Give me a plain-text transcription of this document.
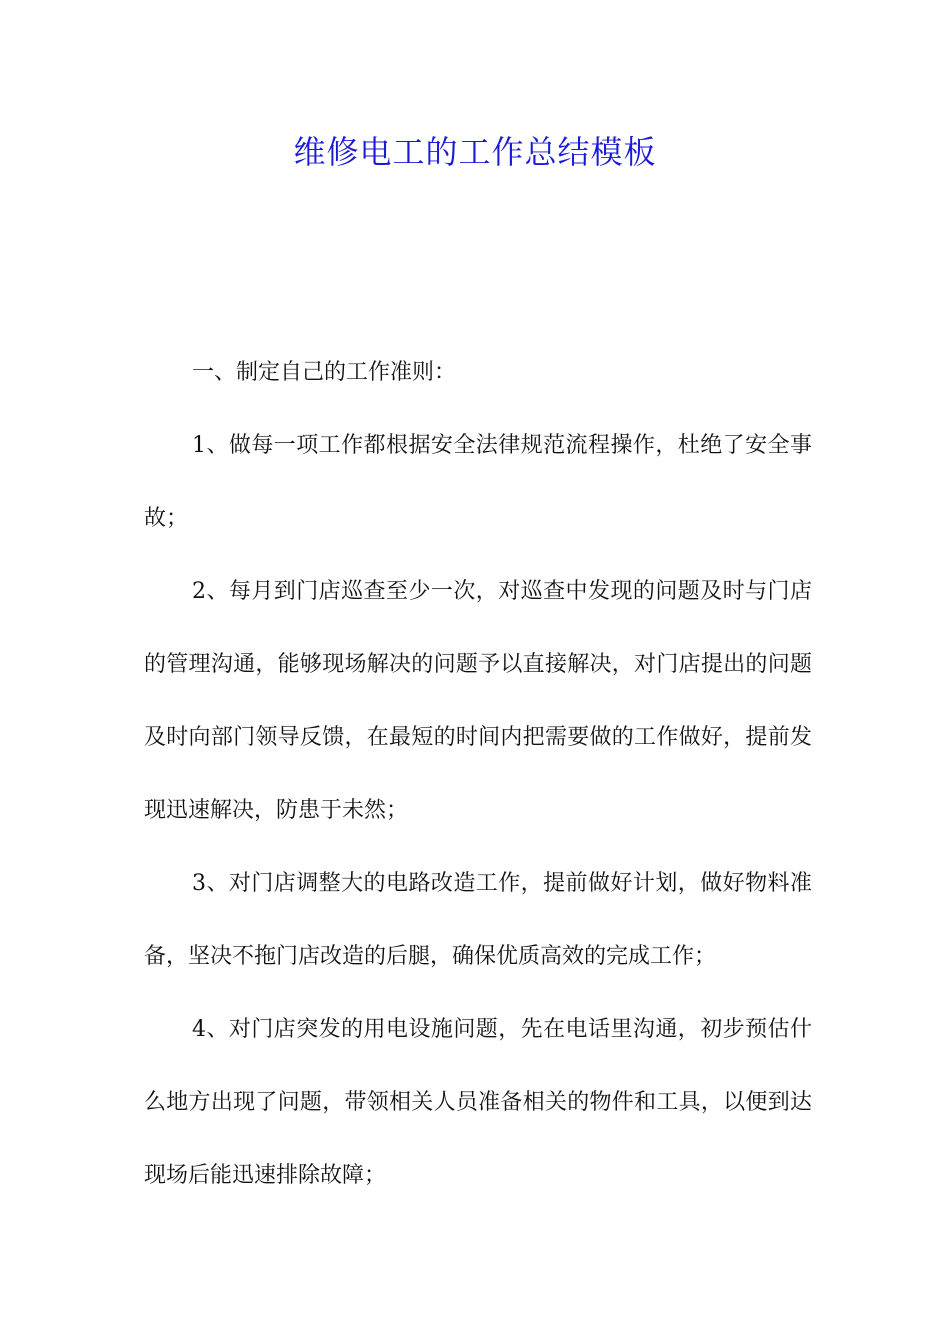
维修电工的工作总结模板

一、制定自己的工作准则：

1、做每一项工作都根据安全法律规范流程操作，杜绝了安全事故；

2、每月到门店巡查至少一次，对巡查中发现的问题及时与门店的管理沟通，能够现场解决的问题予以直接解决，对门店提出的问题及时向部门领导反馈，在最短的时间内把需要做的工作做好，提前发现迅速解决，防患于未然；

3、对门店调整大的电路改造工作，提前做好计划，做好物料准备，坚决不拖门店改造的后腿，确保优质高效的完成工作；

4、对门店突发的用电设施问题，先在电话里沟通，初步预估什么地方出现了问题，带领相关人员准备相关的物件和工具，以便到达现场后能迅速排除故障；
